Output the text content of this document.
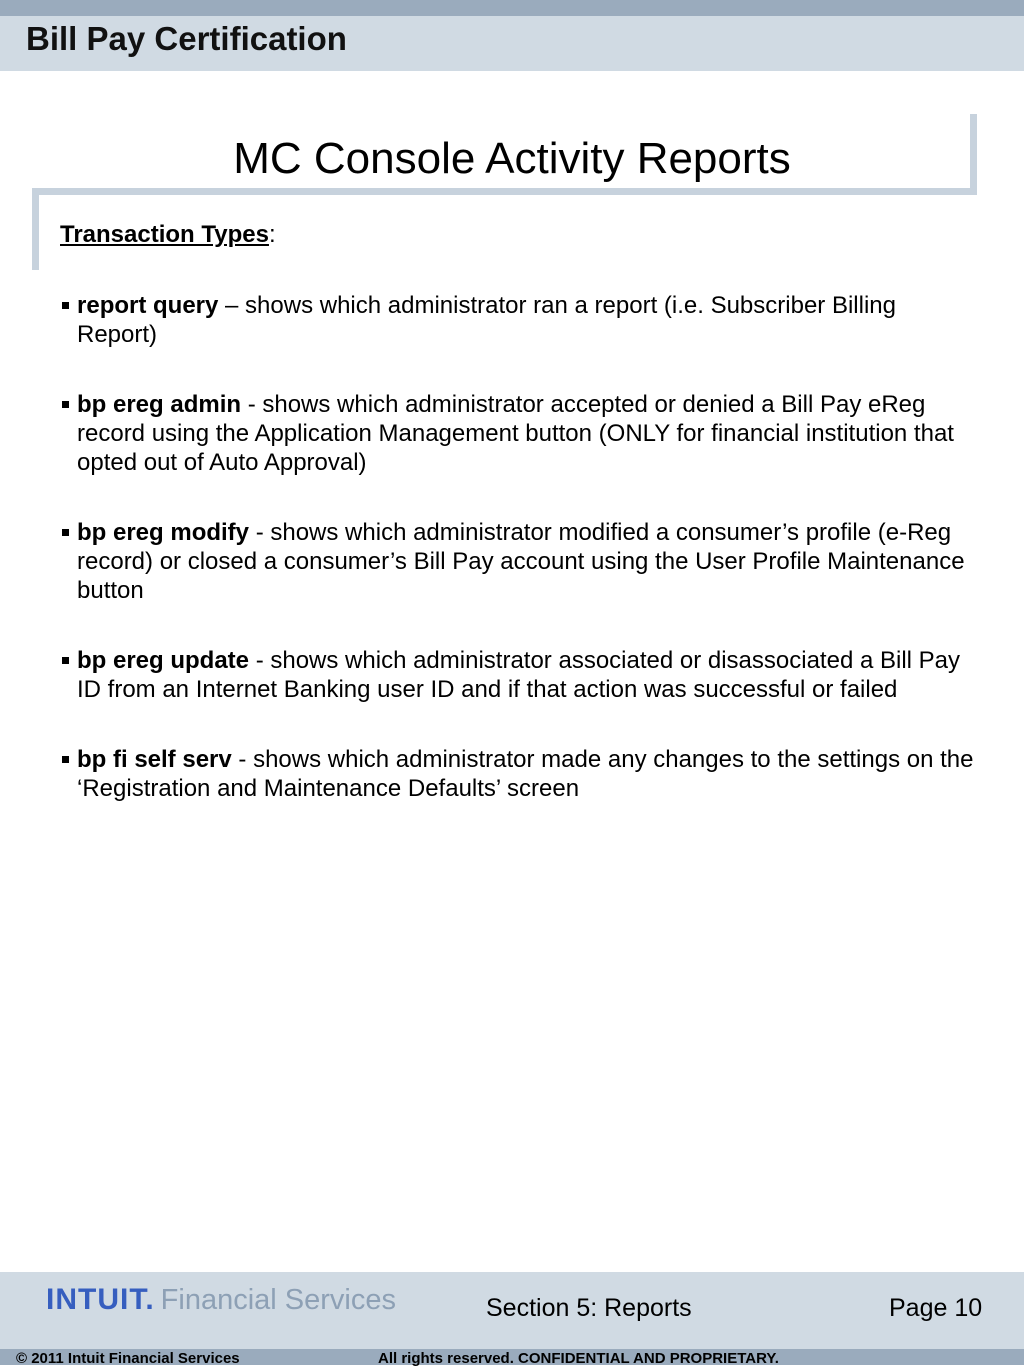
Bill Pay Certification
MC Console Activity Reports
Transaction Types:
report query – shows which administrator ran a report (i.e. Subscriber Billing Report)
bp ereg admin - shows which administrator accepted or denied a Bill Pay eReg record using the Application Management button (ONLY for financial institution that opted out of Auto Approval)
bp ereg modify - shows which administrator modified a consumer’s profile (e-Reg record) or closed a consumer’s Bill Pay account using the User Profile Maintenance button
bp ereg update - shows which administrator associated or disassociated a Bill Pay ID from an Internet Banking user ID and if that action was successful or failed
bp fi self serv - shows which administrator made any changes to the settings on the ‘Registration and Maintenance Defaults’ screen
INTUIT. Financial Services	Section 5: Reports	Page 10
© 2011 Intuit Financial Services	All rights reserved. CONFIDENTIAL AND PROPRIETARY.
